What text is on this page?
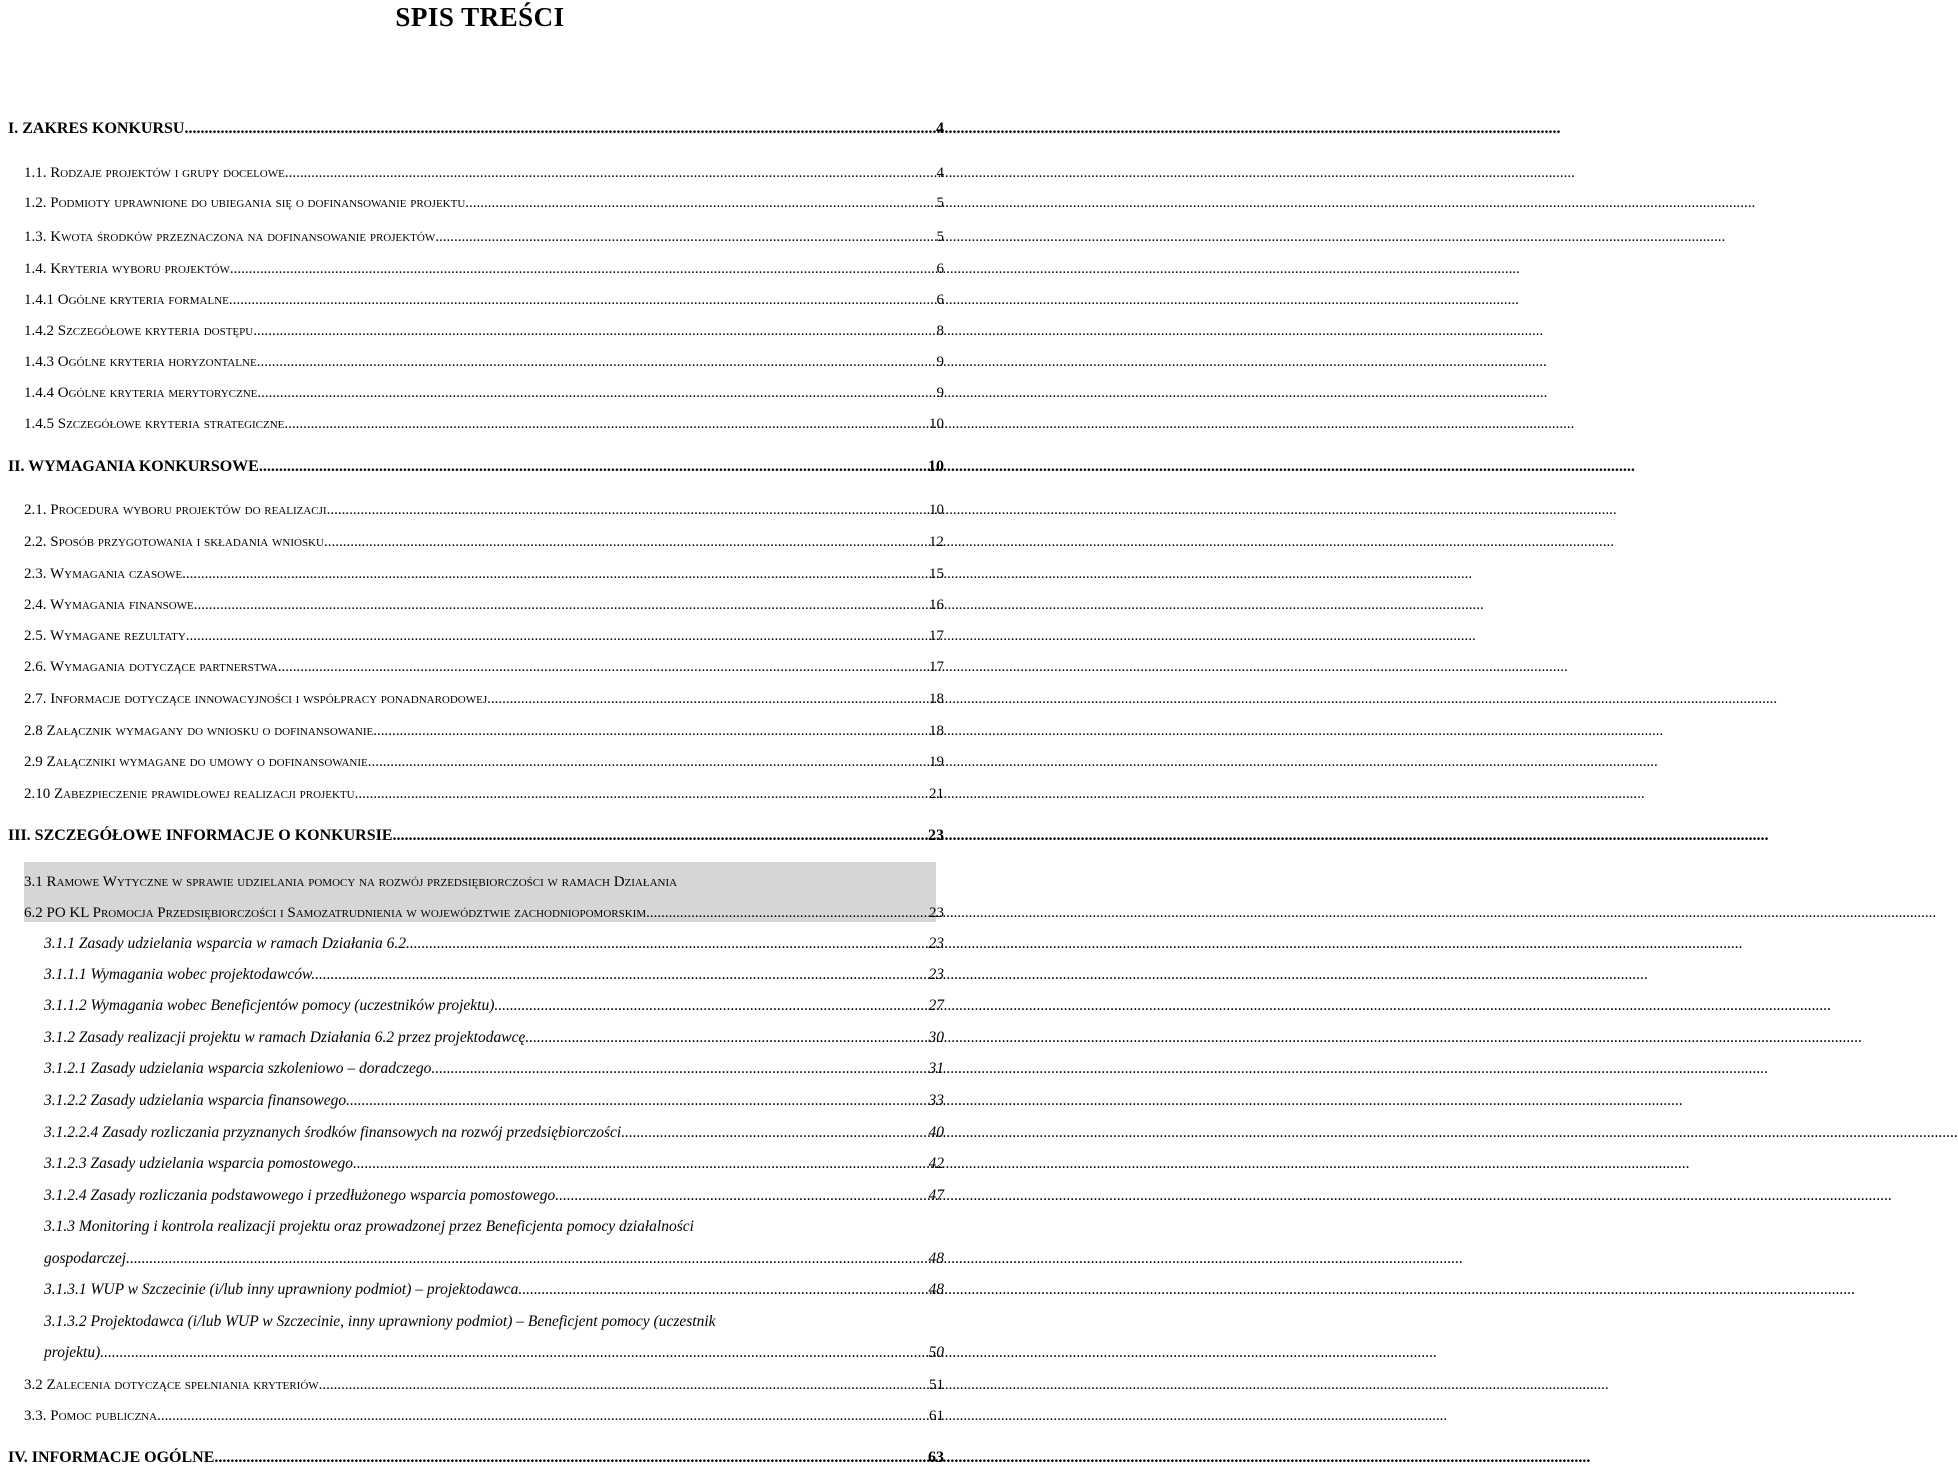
SPIS TREŚCI
I. ZAKRES KONKURSU .....	4
1.1. Rodzaje projektów i grupy docelowe .....	4
1.2. Podmioty uprawnione do ubiegania się o dofinansowanie projektu .....	5
1.3. Kwota środków przeznaczona na dofinansowanie projektów .....	5
1.4. Kryteria wyboru projektów .....	6
1.4.1 Ogólne kryteria formalne .....	6
1.4.2 Szczegółowe kryteria dostępu .....	8
1.4.3 Ogólne kryteria horyzontalne .....	9
1.4.4 Ogólne kryteria merytoryczne .....	9
1.4.5 Szczegółowe kryteria strategiczne .....	10
II. WYMAGANIA KONKURSOWE .....	10
2.1. Procedura wyboru projektów do realizacji .....	10
2.2. Sposób przygotowania i składania wniosku .....	12
2.3. Wymagania czasowe .....	15
2.4. Wymagania finansowe .....	16
2.5. Wymagane rezultaty .....	17
2.6. Wymagania dotyczące partnerstwa .....	17
2.7. Informacje dotyczące innowacyjności i współpracy ponadnarodowej .....	18
2.8 Załącznik wymagany do wniosku o dofinansowanie .....	18
2.9 Załączniki wymagane do umowy o dofinansowanie .....	19
2.10 Zabezpieczenie prawidłowej realizacji projektu .....	21
III. SZCZEGÓŁOWE INFORMACJE O KONKURSIE .....	23
3.1 Ramowe Wytyczne w sprawie udzielania pomocy na rozwój przedsiębiorczości w ramach Działania
6.2 PO KL Promocja Przedsiębiorczości i Samozatrudnienia w województwie zachodniopomorskim .....	23
3.1.1 Zasady udzielania wsparcia w ramach Działania 6.2. .....	23
3.1.1.1 Wymagania wobec projektodawców. .....	23
3.1.1.2 Wymagania wobec Beneficjentów pomocy (uczestników projektu). .....	27
3.1.2 Zasady realizacji projektu w ramach Działania 6.2 przez projektodawcę. .....	30
3.1.2.1 Zasady udzielania wsparcia szkoleniowo – doradczego. .....	31
3.1.2.2 Zasady udzielania wsparcia finansowego. .....	33
3.1.2.2.4 Zasady rozliczania przyznanych środków finansowych na rozwój przedsiębiorczości. .....	40
3.1.2.3 Zasady udzielania wsparcia pomostowego. .....	42
3.1.2.4 Zasady rozliczania podstawowego i przedłużonego wsparcia pomostowego. .....	47
3.1.3 Monitoring i kontrola realizacji projektu oraz prowadzonej przez Beneficjenta pomocy działalności
gospodarczej. .....	48
3.1.3.1 WUP w Szczecinie (i/lub inny uprawniony podmiot) – projektodawca. .....	48
3.1.3.2 Projektodawca (i/lub WUP w Szczecinie, inny uprawniony podmiot) – Beneficjent pomocy (uczestnik
projektu). .....	50
3.2 Zalecenia dotyczące spełniania kryteriów .....	51
3.3. Pomoc publiczna .....	61
IV. INFORMACJE OGÓLNE .....	63
